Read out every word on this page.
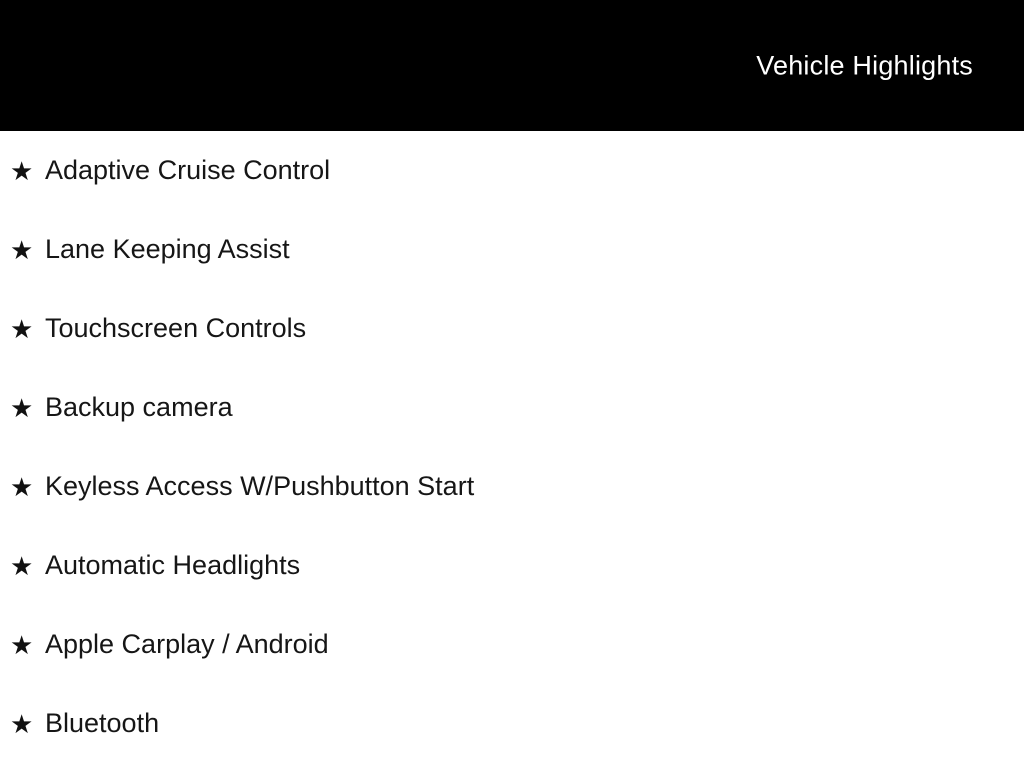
Vehicle Highlights
★ Adaptive Cruise Control
★ Lane Keeping Assist
★ Touchscreen Controls
★ Backup camera
★ Keyless Access W/Pushbutton Start
★ Automatic Headlights
★ Apple Carplay / Android
★ Bluetooth
